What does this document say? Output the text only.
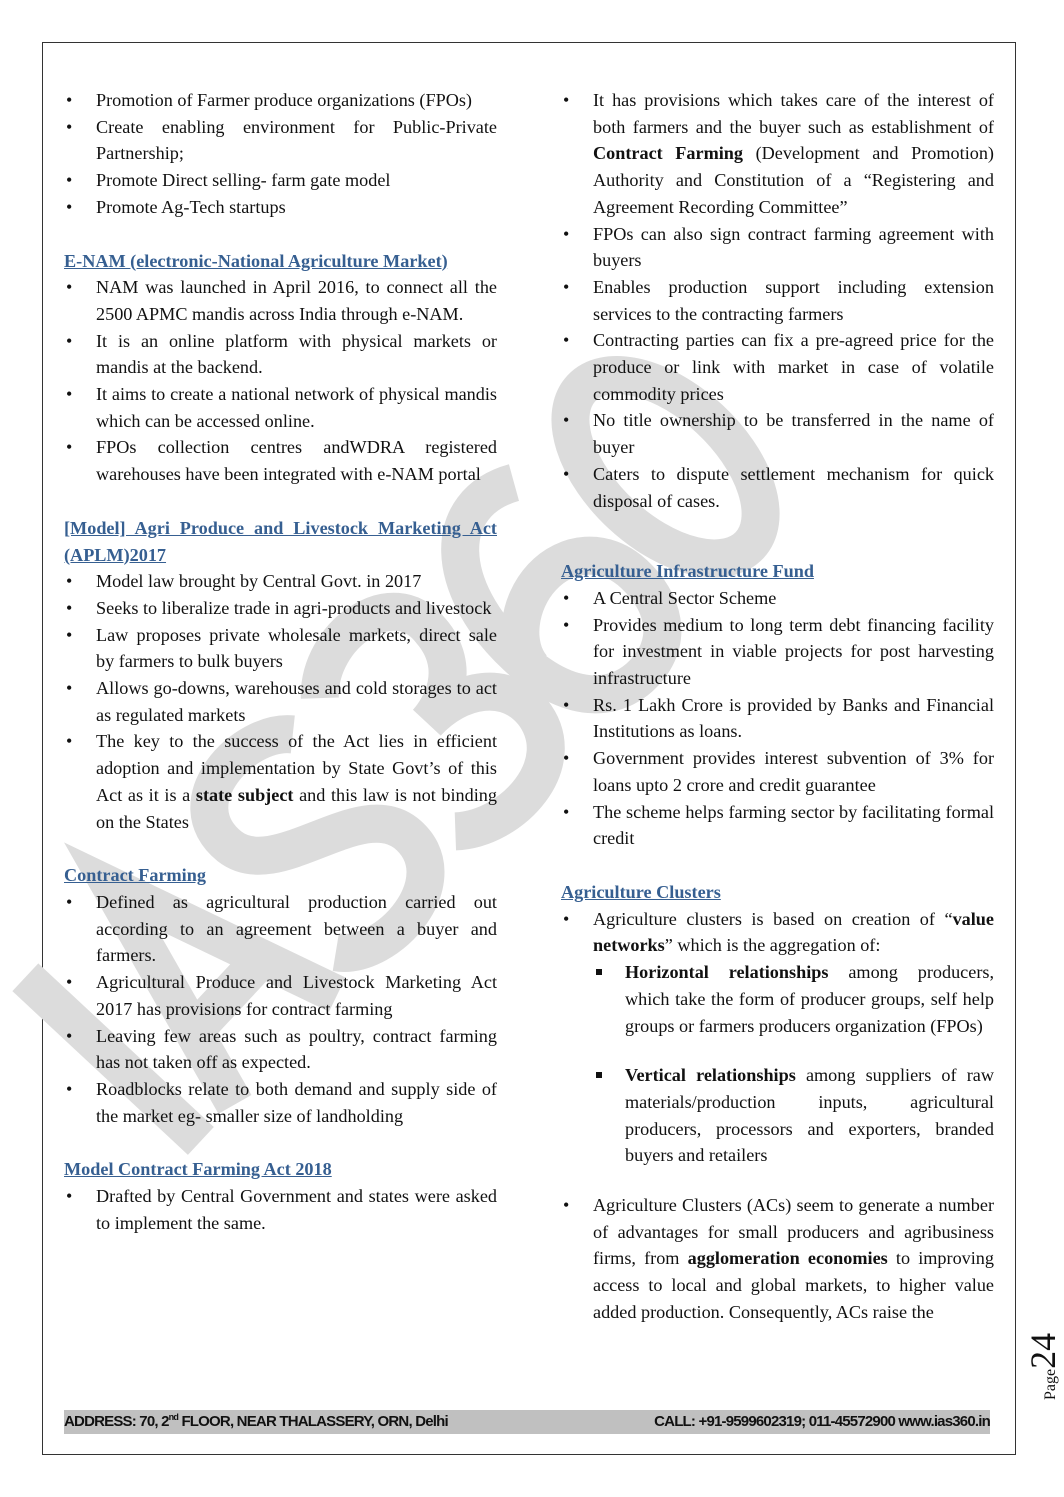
• Promotion of Farmer produce organizations (FPOs)
• Create enabling environment for Public-Private Partnership;
• Promote Direct selling- farm gate model
• Promote Ag-Tech startups
E-NAM (electronic-National Agriculture Market)
• NAM was launched in April 2016, to connect all the 2500 APMC mandis across India through e-NAM.
• It is an online platform with physical markets or mandis at the backend.
• It aims to create a national network of physical mandis which can be accessed online.
• FPOs collection centres andWDRA registered warehouses have been integrated with e-NAM portal
[Model] Agri Produce and Livestock Marketing Act (APLM)2017
• Model law brought by Central Govt. in 2017
• Seeks to liberalize trade in agri-products and livestock
• Law proposes private wholesale markets, direct sale by farmers to bulk buyers
• Allows go-downs, warehouses and cold storages to act as regulated markets
• The key to the success of the Act lies in efficient adoption and implementation by State Govt’s of this Act as it is a state subject and this law is not binding on the States
Contract Farming
• Defined as agricultural production carried out according to an agreement between a buyer and farmers.
• Agricultural Produce and Livestock Marketing Act 2017 has provisions for contract farming
• Leaving few areas such as poultry, contract farming has not taken off as expected.
• Roadblocks relate to both demand and supply side of the market eg- smaller size of landholding
Model Contract Farming Act 2018
• Drafted by Central Government and states were asked to implement the same.
• It has provisions which takes care of the interest of both farmers and the buyer such as establishment of Contract Farming (Development and Promotion) Authority and Constitution of a “Registering and Agreement Recording Committee”
• FPOs can also sign contract farming agreement with buyers
• Enables production support including extension services to the contracting farmers
• Contracting parties can fix a pre-agreed price for the produce or link with market in case of volatile commodity prices
• No title ownership to be transferred in the name of buyer
• Caters to dispute settlement mechanism for quick disposal of cases.
Agriculture Infrastructure Fund
• A Central Sector Scheme
• Provides medium to long term debt financing facility for investment in viable projects for post harvesting infrastructure
• Rs. 1 Lakh Crore is provided by Banks and Financial Institutions as loans.
• Government provides interest subvention of 3% for loans upto 2 crore and credit guarantee
• The scheme helps farming sector by facilitating formal credit
Agriculture Clusters
• Agriculture clusters is based on creation of “value networks” which is the aggregation of:
Horizontal relationships among producers, which take the form of producer groups, self help groups or farmers producers organization (FPOs)
Vertical relationships among suppliers of raw materials/production inputs, agricultural producers, processors and exporters, branded buyers and retailers
• Agriculture Clusters (ACs) seem to generate a number of advantages for small producers and agribusiness firms, from agglomeration economies to improving access to local and global markets, to higher value added production. Consequently, ACs raise the
ADDRESS: 70, 2nd FLOOR, NEAR THALASSERY, ORN, Delhi	CALL: +91-9599602319; 011-45572900 www.ias360.in
Page24
